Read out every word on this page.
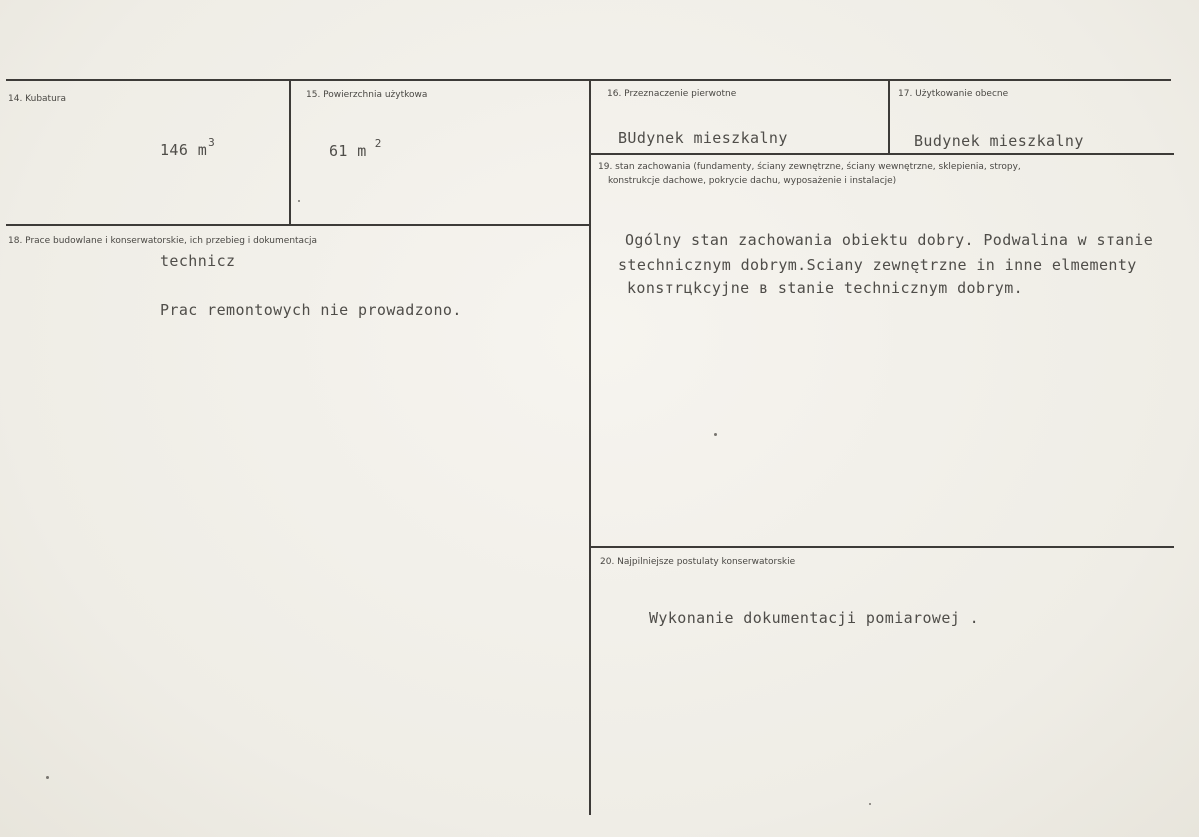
14. Kubatura
146 $m^3$
15. Powierzchnia użytkowa
61 m $^2$
16. Przeznaczenie pierwotne
BUdynek mieszkalny
17. Użytkowanie obecne
Budynek mieszkalny
18. Prace budowlane i konserwatorskie, ich przebieg i dokumentacja
technicz
Prac remontowych nie prowadzono.
19. stan zachowania (fundamenty, ściany zewnętrzne, ściany wewnętrzne, sklepienia, stropy,
konstrukcje dachowe, pokrycie dachu, wyposażenie i instalacje)
Ogólny stan zachowania obiektu dobry. Podwalina w sтanie
stechnicznym dobrym.Sciany zewnętrzne in inne elmementy
konsтrцkcyjne в stanie technicznym dobrym.
20. Najpilniejsze postulaty konserwatorskie
Wykonanie dokumentacji pomiarowej .
